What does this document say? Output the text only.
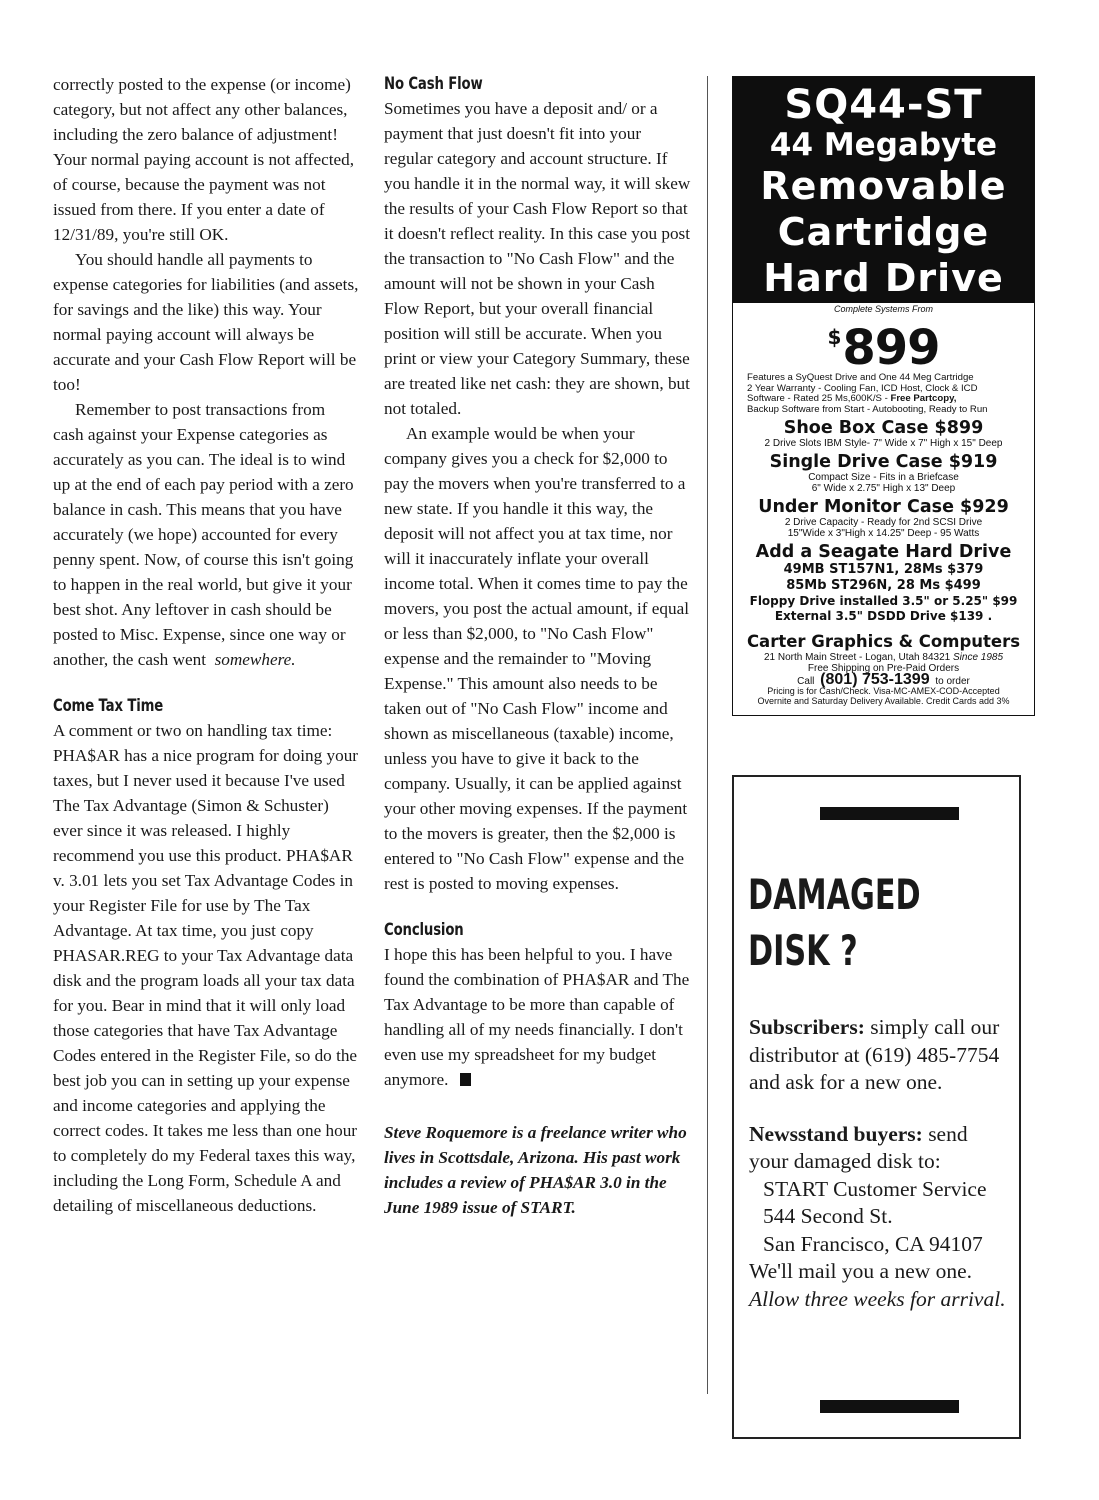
correctly posted to the expense (or income) category, but not affect any other balances, including the zero balance of adjustment! Your normal paying account is not affected, of course, because the payment was not issued from there. If you enter a date of 12/31/89, you're still OK.

You should handle all payments to expense categories for liabilities (and assets, for savings and the like) this way. Your normal paying account will always be accurate and your Cash Flow Report will be too!

Remember to post transactions from cash against your Expense categories as accurately as you can. The ideal is to wind up at the end of each pay period with a zero balance in cash. This means that you have accurately (we hope) accounted for every penny spent. Now, of course this isn't going to happen in the real world, but give it your best shot. Any leftover in cash should be posted to Misc. Expense, since one way or another, the cash went somewhere.

Come Tax Time

A comment or two on handling tax time: PHA$AR has a nice program for doing your taxes, but I never used it because I've used The Tax Advantage (Simon & Schuster) ever since it was released. I highly recommend you use this product. PHA$AR v. 3.01 lets you set Tax Advantage Codes in your Register File for use by The Tax Advantage. At tax time, you just copy PHASAR.REG to your Tax Advantage data disk and the program loads all your tax data for you. Bear in mind that it will only load those categories that have Tax Advantage Codes entered in the Register File, so do the best job you can in setting up your expense and income categories and applying the correct codes. It takes me less than one hour to completely do my Federal taxes this way, including the Long Form, Schedule A and detailing of miscellaneous deductions.

No Cash Flow

Sometimes you have a deposit and/ or a payment that just doesn't fit into your regular category and account structure. If you handle it in the normal way, it will skew the results of your Cash Flow Report so that it doesn't reflect reality. In this case you post the transaction to "No Cash Flow" and the amount will not be shown in your Cash Flow Report, but your overall financial position will still be accurate. When you print or view your Category Summary, these are treated like net cash: they are shown, but not totaled.

An example would be when your company gives you a check for $2,000 to pay the movers when you're transferred to a new state. If you handle it this way, the deposit will not affect you at tax time, nor will it inaccurately inflate your overall income total. When it comes time to pay the movers, you post the actual amount, if equal or less than $2,000, to "No Cash Flow" expense and the remainder to "Moving Expense." This amount also needs to be taken out of "No Cash Flow" income and shown as miscellaneous (taxable) income, unless you have to give it back to the company. Usually, it can be applied against your other moving expenses. If the payment to the movers is greater, then the $2,000 is entered to "No Cash Flow" expense and the rest is posted to moving expenses.

Conclusion

I hope this has been helpful to you. I have found the combination of PHA$AR and The Tax Advantage to be more than capable of handling all of my needs financially. I don't even use my spreadsheet for my budget anymore.

Steve Roquemore is a freelance writer who lives in Scottsdale, Arizona. His past work includes a review of PHA$AR 3.0 in the June 1989 issue of START.
SQ44-ST
44 Megabyte
Removable
Cartridge
Hard Drive
Complete Systems From
$899
Features a SyQuest Drive and One 44 Meg Cartridge
2 Year Warranty - Cooling Fan, ICD Host, Clock & ICD
Software - Rated 25 Ms,600K/S - Free Partcopy,
Backup Software from Start - Autobooting, Ready to Run
Shoe Box Case $899
2 Drive Slots IBM Style- 7" Wide x 7" High x 15" Deep
Single Drive Case $919
Compact Size - Fits in a Briefcase
6" Wide x 2.75" High x 13" Deep
Under Monitor Case $929
2 Drive Capacity - Ready for 2nd SCSI Drive
15"Wide x 3"High x 14.25" Deep - 95 Watts
Add a Seagate Hard Drive
49MB ST157N1, 28Ms $379
85Mb ST296N, 28 Ms $499
Floppy Drive installed 3.5" or 5.25" $99
External 3.5" DSDD Drive $139 .
Carter Graphics & Computers
21 North Main Street - Logan, Utah 84321 Since 1985
Free Shipping on Pre-Paid Orders
Call (801) 753-1399 to order
Pricing is for Cash/Check. Visa-MC-AMEX-COD-Accepted
Overnite and Saturday Delivery Available. Credit Cards add 3%
DAMAGED
DISK ?
Subscribers: simply call our distributor at (619) 485-7754 and ask for a new one.
Newsstand buyers: send your damaged disk to:
START Customer Service
544 Second St.
San Francisco, CA 94107
We'll mail you a new one.
Allow three weeks for arrival.
